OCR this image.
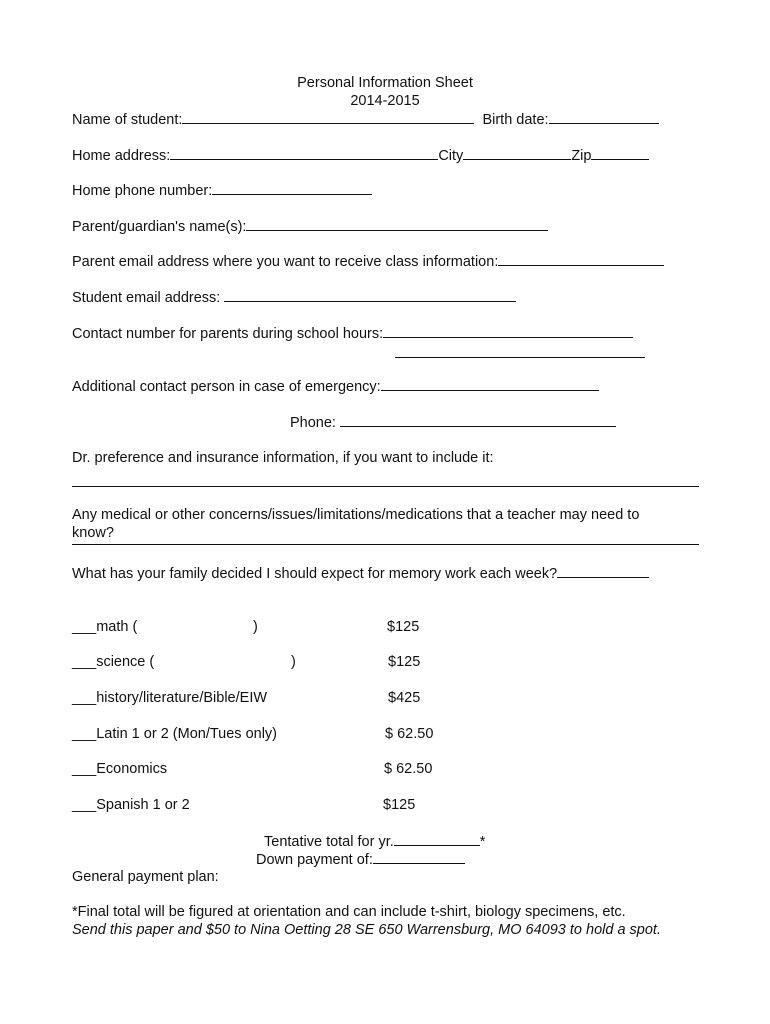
Personal Information Sheet
2014-2015
Name of student:	Birth date:
Home address:	City	Zip
Home phone number:
Parent/guardian's name(s):
Parent email address where you want to receive class information:
Student email address:
Contact number for parents during school hours:
Additional contact person in case of emergency:
Phone:
Dr. preference and insurance information, if you want to include it:
Any medical or other concerns/issues/limitations/medications that a teacher may need to
know?
What has your family decided I should expect for memory work each week?
___math (	)	$125
___science (	)	$125
___history/literature/Bible/EIW	$425
___Latin 1 or 2 (Mon/Tues only)	$ 62.50
___Economics	$ 62.50
___Spanish 1 or 2	$125
Tentative total for yr.	*
Down payment of:
General payment plan:
*Final total will be figured at orientation and can include t-shirt, biology specimens, etc.
Send this paper and $50 to Nina Oetting 28 SE 650 Warrensburg, MO 64093 to hold a spot.
